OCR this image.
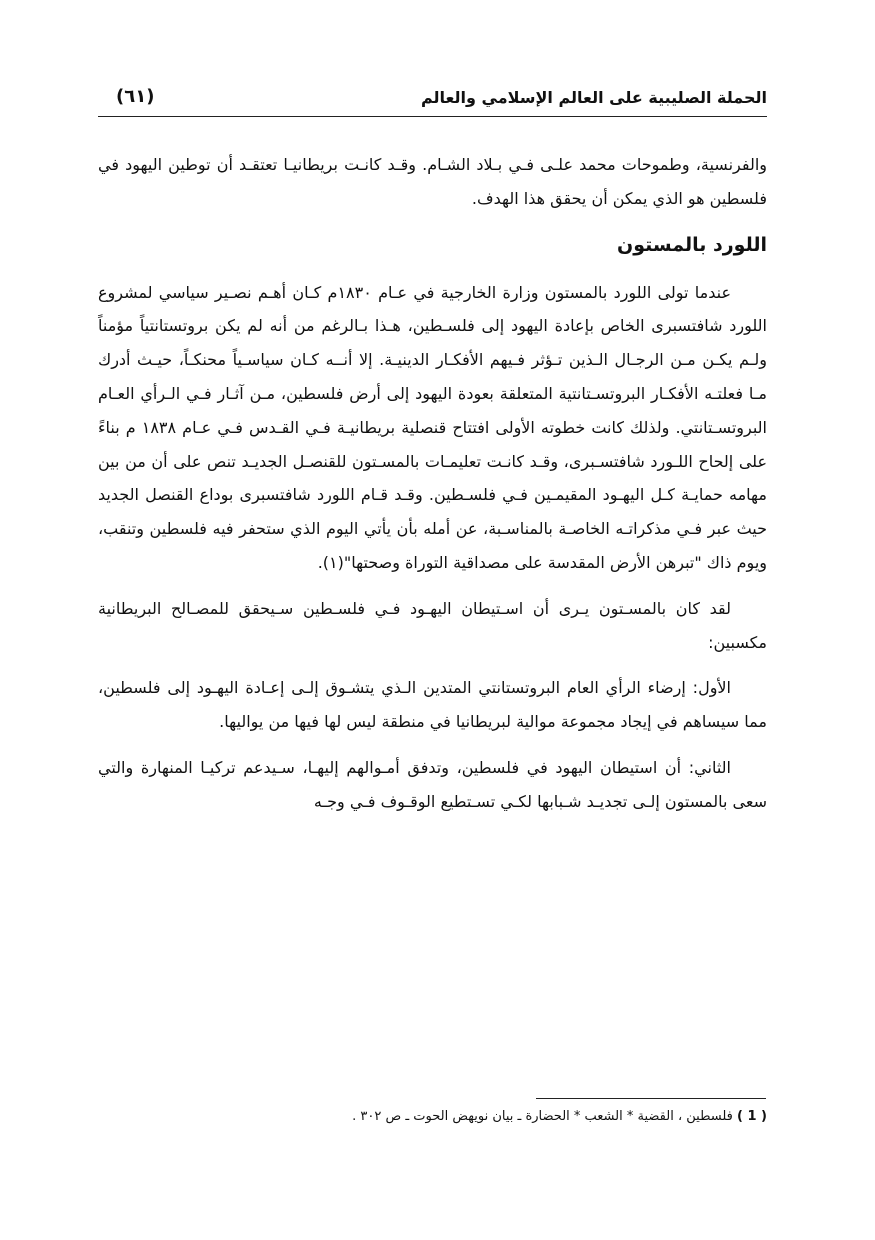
الحملة الصليبية على العالم الإسلامي والعالم
(٦١)

والفرنسية، وطموحات محمد علـى فـي بـلاد الشـام. وقـد كانـت بريطانيـا تعتقـد أن توطين اليهود في فلسطين هو الذي يمكن أن يحقق هذا الهدف.

اللورد بالمستون

عندما تولى اللورد بالمستون وزارة الخارجية في عـام ١٨٣٠م كـان أهـم نصـير سياسي لمشروع اللورد شافتسبرى الخاص بإعادة اليهود إلى فلسـطين، هـذا بـالرغم من أنه لم يكن بروتستانتياً مؤمناً ولـم يكـن مـن الرجـال الـذين تـؤثر فـيهم الأفكـار الدينيـة. إلا أنــه كـان سياسـياً محنكـاً، حيـث أدرك مـا فعلتـه الأفكـار البروتسـتانتية المتعلقة بعودة اليهود إلى أرض فلسطين، مـن آثـار فـي الـرأي العـام البروتسـتانتي. ولذلك كانت خطوته الأولى افتتاح قنصلية بريطانيـة فـي القـدس فـي عـام ١٨٣٨ م بناءً على إلحاح اللـورد شافتسـبرى، وقـد كانـت تعليمـات بالمسـتون للقنصـل الجديـد تنص على أن من بين مهامه حمايـة كـل اليهـود المقيمـين فـي فلسـطين. وقـد قـام اللورد شافتسبرى بوداع القنصل الجديد حيث عبر فـي مذكراتـه الخاصـة بالمناسـبة، عن أمله بأن يأتي اليوم الذي ستحفر فيه فلسطين وتنقب، ويوم ذاك "تبرهن الأرض المقدسة على مصداقية التوراة وصحتها"(١).

لقد كان بالمسـتون يـرى أن اسـتيطان اليهـود فـي فلسـطين سـيحقق للمصـالح البريطانية مكسبين:

الأول: إرضاء الرأي العام البروتستانتي المتدين الـذي يتشـوق إلـى إعـادة اليهـود إلى فلسطين، مما سيساهم في إيجاد مجموعة موالية لبريطانيا في منطقة ليس لها فيها من يواليها.

الثاني: أن استيطان اليهود في فلسطين، وتدفق أمـوالهم إليهـا، سـيدعم تركيـا المنهارة والتي سعى بالمستون إلـى تجديـد شـبابها لكـي تسـتطيع الوقـوف فـي وجـه

( 1 ) فلسطين ، القضية * الشعب * الحضارة ـ بيان نويهض الحوت ـ ص ٣٠٢ .
